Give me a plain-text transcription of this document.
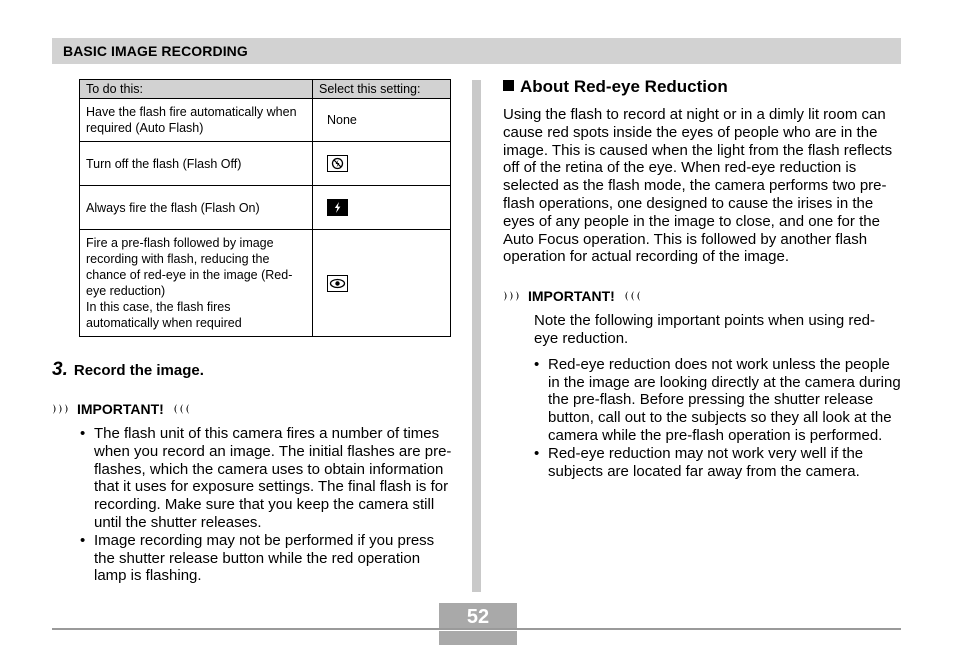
BASIC IMAGE RECORDING
To do this:	Select this setting:
Have the flash fire automatically when required (Auto Flash)	None
Turn off the flash (Flash Off)	

Always fire the flash (Flash On)	

Fire a pre-flash followed by image recording with flash, reducing the chance of red-eye in the image (Red-eye reduction)
In this case, the flash fires automatically when required	
3. Record the image.
IMPORTANT!
• The flash unit of this camera fires a number of times when you record an image. The initial flashes are pre-flashes, which the camera uses to obtain information that it uses for exposure settings. The final flash is for recording. Make sure that you keep the camera still until the shutter releases.
• Image recording may not be performed if you press the shutter release button while the red operation lamp is flashing.

About Red-eye Reduction

Using the flash to record at night or in a dimly lit room can cause red spots inside the eyes of people who are in the image. This is caused when the light from the flash reflects off of the retina of the eye. When red-eye reduction is selected as the flash mode, the camera performs two pre-flash operations, one designed to cause the irises in the eyes of any people in the image to close, and one for the Auto Focus operation. This is followed by another flash operation for actual recording of the image.
IMPORTANT!
Note the following important points when using red-eye reduction.
• Red-eye reduction does not work unless the people in the image are looking directly at the camera during the pre-flash. Before pressing the shutter release button, call out to the subjects so they all look at the camera while the pre-flash operation is performed.
• Red-eye reduction may not work very well if the subjects are located far away from the camera.
52
